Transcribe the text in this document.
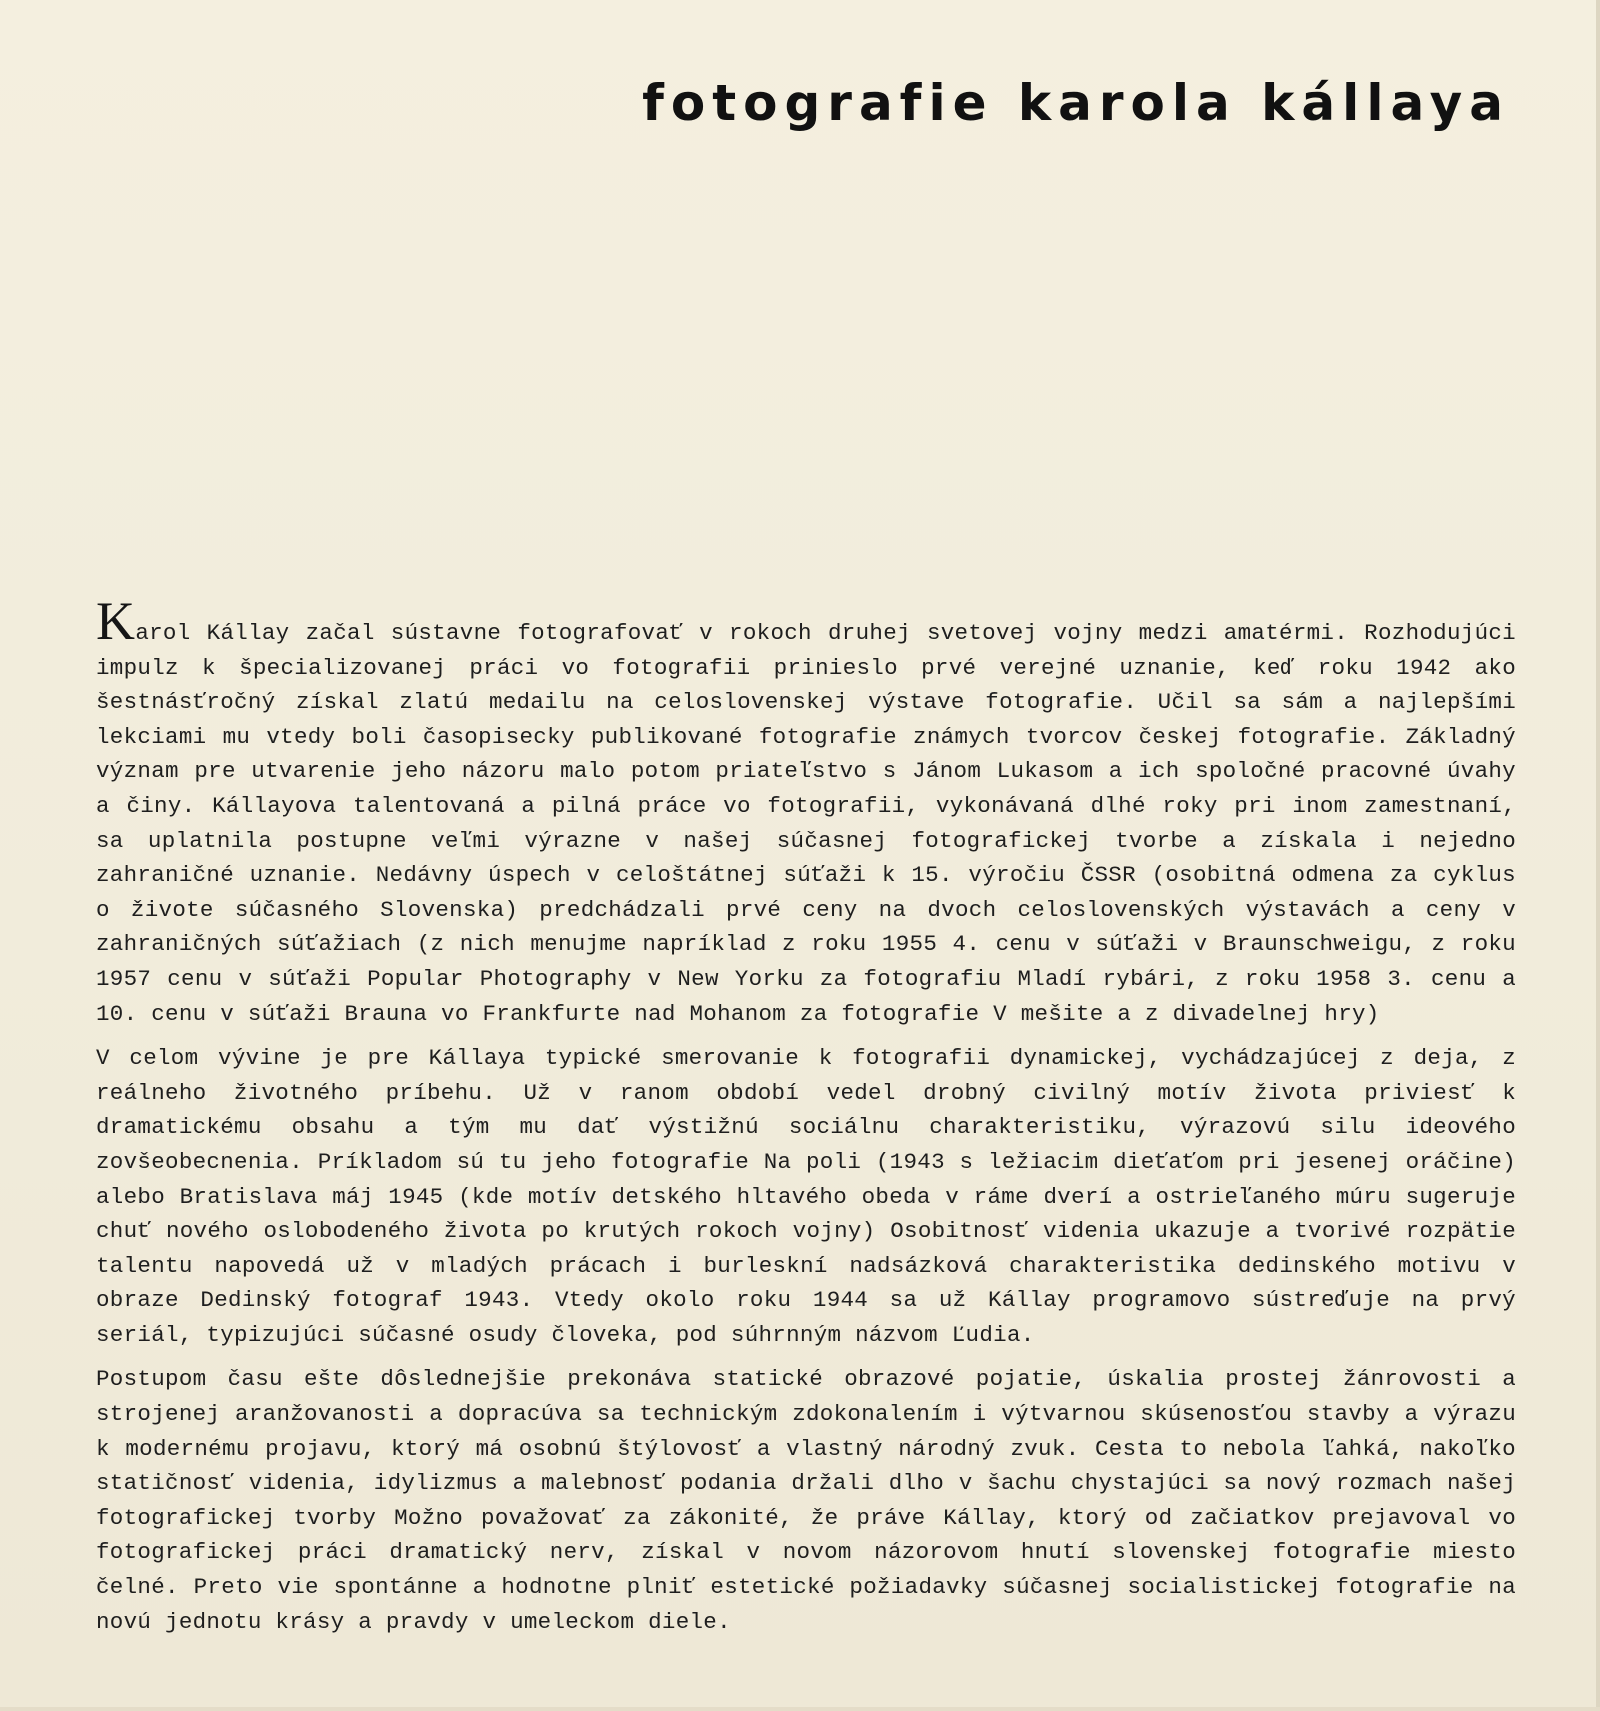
fotografie karola kállaya

Karol Kállay začal sústavne fotografovať v rokoch druhej svetovej vojny medzi amatérmi. Rozhodujúci impulz k špecializovanej práci vo fotografii prinieslo prvé verejné uznanie, keď roku 1942 ako šestnásťročný získal zlatú medailu na celoslovenskej výstave fotografie. Učil sa sám a najlepšími lekciami mu vtedy boli časopisecky publikované fotografie známych tvorcov českej fotografie. Základný význam pre utvarenie jeho názoru malo potom priateľstvo s Jánom Lukasom a ich spoločné pracovné úvahy a činy. Kállayova talentovaná a pilná práce vo fotografii, vykonávaná dlhé roky pri inom zamestnaní, sa uplatnila postupne veľmi výrazne v našej súčasnej fotografickej tvorbe a získala i nejedno zahraničné uznanie. Nedávny úspech v celoštátnej súťaži k 15. výročiu ČSSR (osobitná odmena za cyklus o živote súčasného Slovenska) predchádzali prvé ceny na dvoch celoslovenských výstavách a ceny v zahraničných súťažiach (z nich menujme napríklad z roku 1955 4. cenu v súťaži v Braunschweigu, z roku 1957 cenu v súťaži Popular Photography v New Yorku za fotografiu Mladí rybári, z roku 1958 3. cenu a 10. cenu v súťaži Brauna vo Frankfurte nad Mohanom za fotografie V mešite a z divadelnej hry)

V celom vývine je pre Kállaya typické smerovanie k fotografii dynamickej, vychádzajúcej z deja, z reálneho životného príbehu. Už v ranom období vedel drobný civilný motív života priviesť k dramatickému obsahu a tým mu dať výstižnú sociálnu charakteristiku, výrazovú silu ideového zovšeobecnenia. Príkladom sú tu jeho fotografie Na poli (1943 s ležiacim dieťaťom pri jesenej oráčine) alebo Bratislava máj 1945 (kde motív detského hltavého obeda v ráme dverí a ostrieľaného múru sugeruje chuť nového oslobodeného života po krutých rokoch vojny) Osobitnosť videnia ukazuje a tvorivé rozpätie talentu napovedá už v mladých prácach i burleskní nadsázková charakteristika dedinského motivu v obraze Dedinský fotograf 1943. Vtedy okolo roku 1944 sa už Kállay programovo sústreďuje na prvý seriál, typizujúci súčasné osudy človeka, pod súhrnným názvom Ľudia.

Postupom času ešte dôslednejšie prekonáva statické obrazové pojatie, úskalia prostej žánrovosti a strojenej aranžovanosti a dopracúva sa technickým zdokonalením i výtvarnou skúsenosťou stavby a výrazu k modernému projavu, ktorý má osobnú štýlovosť a vlastný národný zvuk. Cesta to nebola ľahká, nakoľko statičnosť videnia, idylizmus a malebnosť podania držali dlho v šachu chystajúci sa nový rozmach našej fotografickej tvorby Možno považovať za zákonité, že práve Kállay, ktorý od začiatkov prejavoval vo fotografickej práci dramatický nerv, získal v novom názorovom hnutí slovenskej fotografie miesto čelné. Preto vie spontánne a hodnotne plniť estetické požiadavky súčasnej socialistickej fotografie na novú jednotu krásy a pravdy v umeleckom diele.
